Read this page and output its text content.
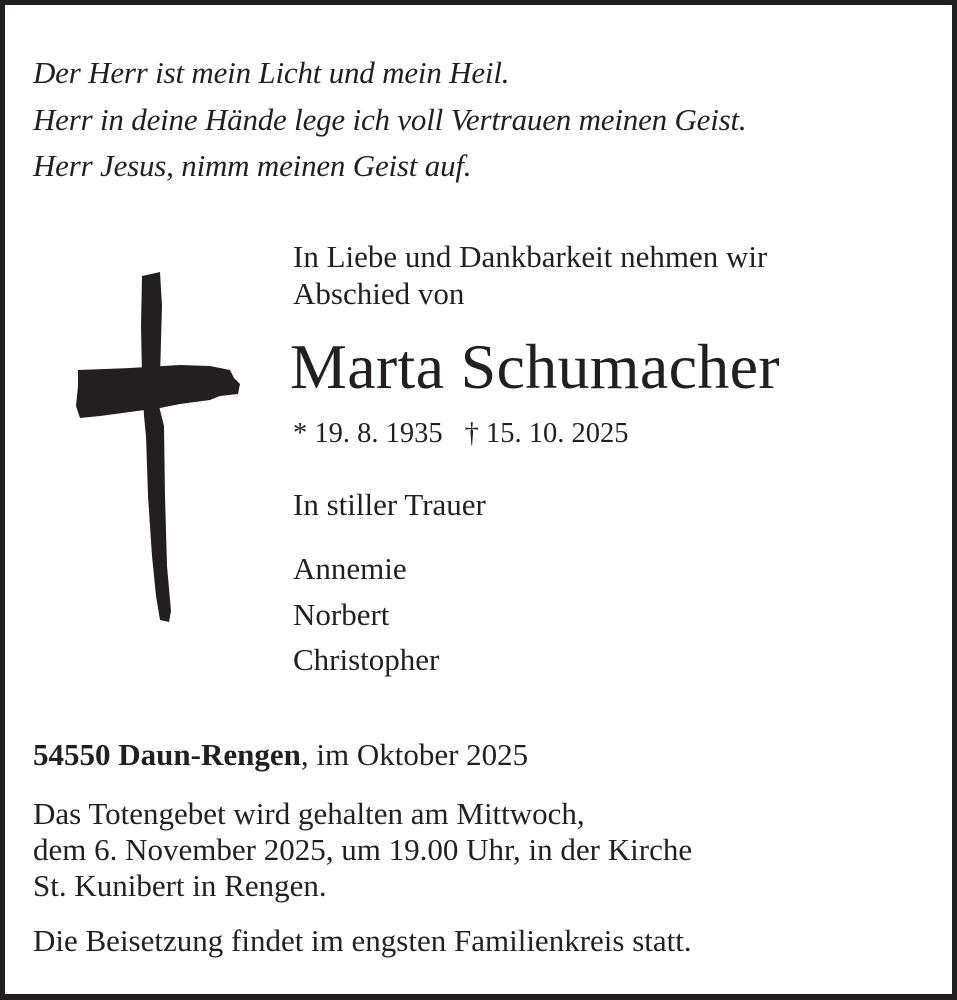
Der Herr ist mein Licht und mein Heil.
Herr in deine Hände lege ich voll Vertrauen meinen Geist.
Herr Jesus, nimm meinen Geist auf.
In Liebe und Dankbarkeit nehmen wir
Abschied von
Marta Schumacher
* 19. 8. 1935 † 15. 10. 2025
In stiller Trauer
Annemie
Norbert
Christopher
54550 Daun-Rengen, im Oktober 2025
Das Totengebet wird gehalten am Mittwoch,
dem 6. November 2025, um 19.00 Uhr, in der Kirche
St. Kunibert in Rengen.
Die Beisetzung findet im engsten Familienkreis statt.
